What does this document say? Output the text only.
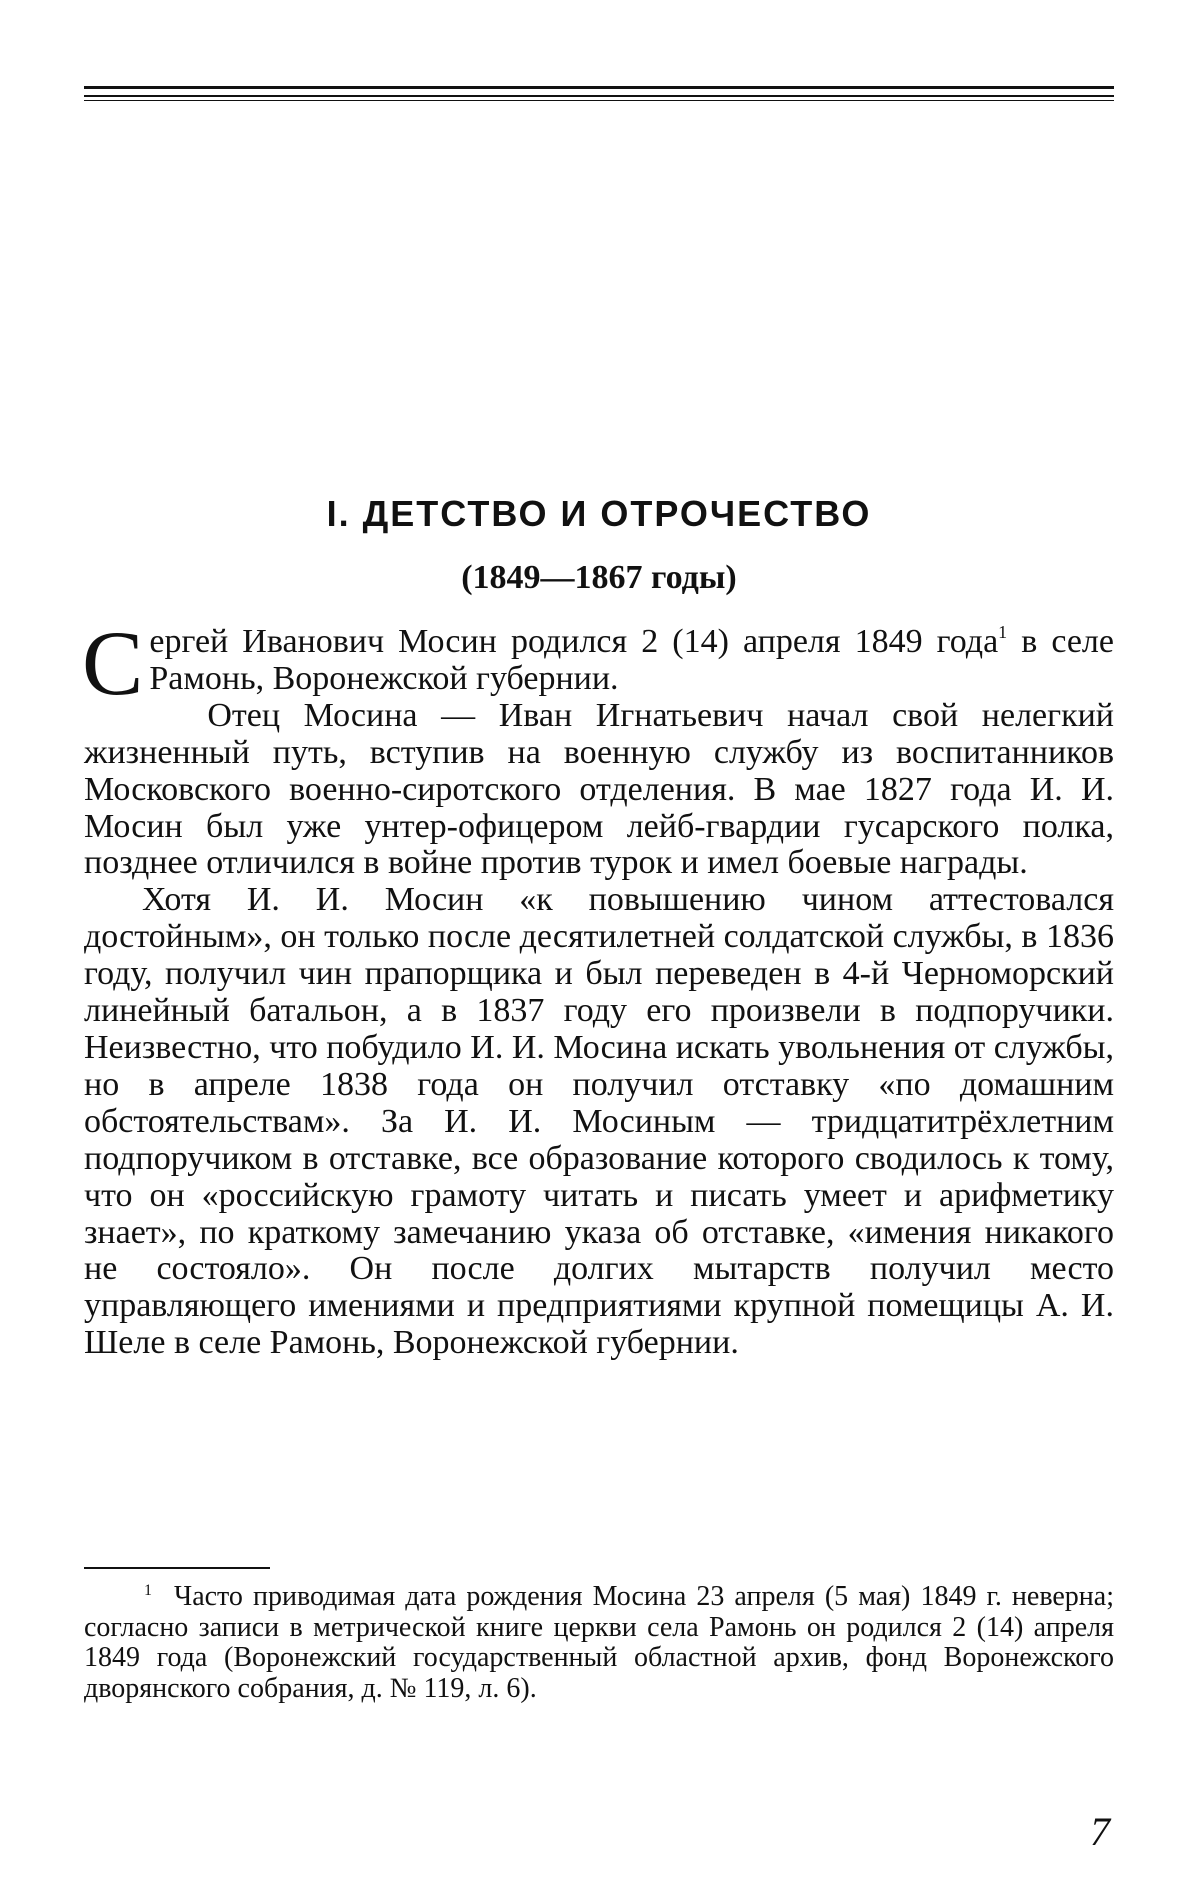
I. ДЕТСТВО И ОТРОЧЕСТВО
(1849—1867 годы)

Сергей Иванович Мосин родился 2 (14) апреля 1849 года$^1$ в селе Рамонь, Воронежской губернии.

Отец Мосина — Иван Игнатьевич начал свой нелегкий жизненный путь, вступив на военную службу из воспитанников Московского военно-сиротского отделения. В мае 1827 года И. И. Мосин был уже унтер-офицером лейб-гвардии гусарского полка, позднее отличился в войне против турок и имел боевые награды.

Хотя И. И. Мосин «к повышению чином аттестовался достойным», он только после десятилетней солдатской службы, в 1836 году, получил чин прапорщика и был переведен в 4-й Черноморский линейный батальон, а в 1837 году его произвели в подпоручики. Неизвестно, что побудило И. И. Мосина искать увольнения от службы, но в апреле 1838 года он получил отставку «по домашним обстоятельствам». За И. И. Мосиным — тридцатитрёхлетним подпоручиком в отставке, все образование которого сводилось к тому, что он «российскую грамоту читать и писать умеет и арифметику знает», по краткому замечанию указа об отставке, «имения никакого не состояло». Он после долгих мытарств получил место управляющего имениями и предприятиями крупной помещицы А. И. Шеле в селе Рамонь, Воронежской губернии.

$^1$ Часто приводимая дата рождения Мосина 23 апреля (5 мая) 1849 г. неверна; согласно записи в метрической книге церкви села Рамонь он родился 2 (14) апреля 1849 года (Воронежский государственный областной архив, фонд Воронежского дворянского собрания, д. № 119, л. 6).

7
